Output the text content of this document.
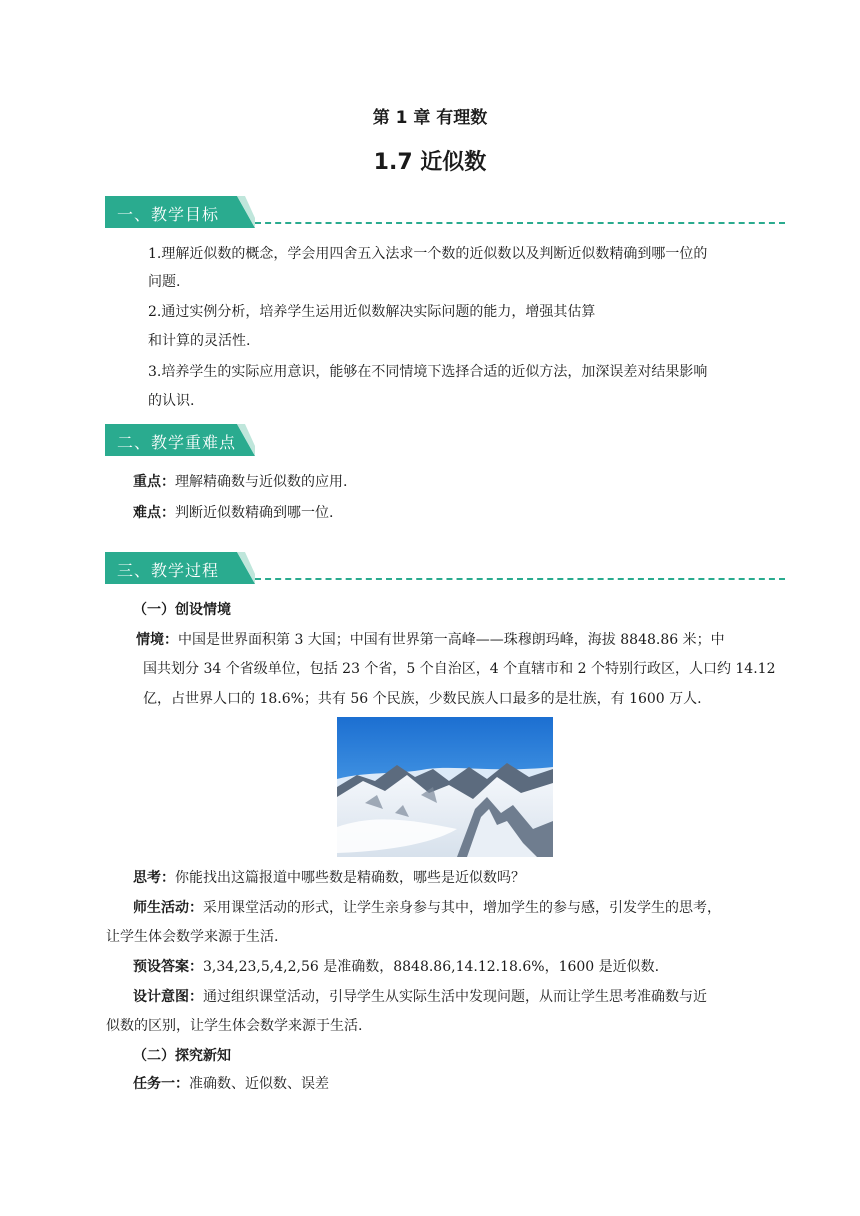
第 1 章 有理数
1.7 近似数
一、教学目标
1.理解近似数的概念，学会用四舍五入法求一个数的近似数以及判断近似数精确到哪一位的
问题.
2.通过实例分析，培养学生运用近似数解决实际问题的能力，增强其估算
和计算的灵活性.
3.培养学生的实际应用意识，能够在不同情境下选择合适的近似方法，加深误差对结果影响
的认识.
二、教学重难点
重点：理解精确数与近似数的应用.
难点：判断近似数精确到哪一位.
三、教学过程
（一）创设情境
情境：中国是世界面积第 3 大国；中国有世界第一高峰——珠穆朗玛峰，海拔 8848.86 米；中
国共划分 34 个省级单位，包括 23 个省，5 个自治区，4 个直辖市和 2 个特别行政区，人口约 14.12
亿，占世界人口的 18.6%；共有 56 个民族，少数民族人口最多的是壮族，有 1600 万人.
思考：你能找出这篇报道中哪些数是精确数，哪些是近似数吗？
师生活动：采用课堂活动的形式，让学生亲身参与其中，增加学生的参与感，引发学生的思考，
让学生体会数学来源于生活.
预设答案：3,34,23,5,4,2,56 是准确数，8848.86,14.12.18.6%，1600 是近似数.
设计意图：通过组织课堂活动，引导学生从实际生活中发现问题，从而让学生思考准确数与近
似数的区别，让学生体会数学来源于生活.
（二）探究新知
任务一：准确数、近似数、误差
